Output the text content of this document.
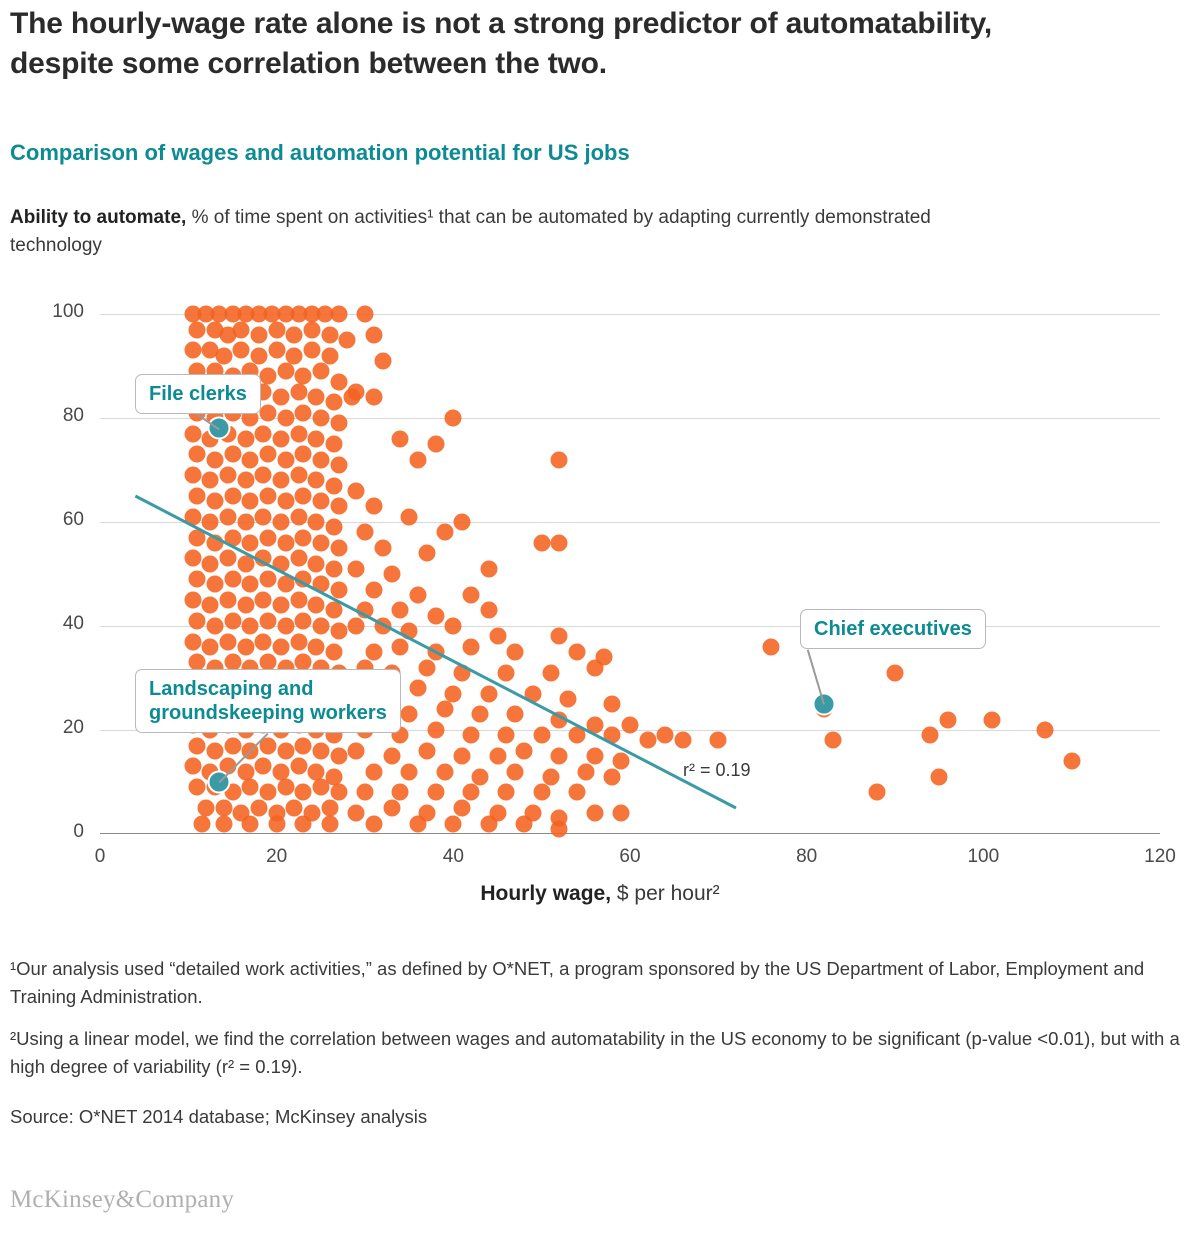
The hourly-wage rate alone is not a strong predictor of automatability, despite some correlation between the two.
Comparison of wages and automation potential for US jobs
Ability to automate, % of time spent on activities¹ that can be automated by adapting currently demonstrated technology
0
20
40
60
80
100
0	20	40	60	80	100	120
r² = 0.19
File clerks
Landscaping and
groundskeeping workers
Chief executives
Hourly wage, $ per hour²
¹Our analysis used “detailed work activities,” as defined by O*NET, a program sponsored by the US Department of Labor, Employment and Training Administration.
²Using a linear model, we find the correlation between wages and automatability in the US economy to be significant (p-value <0.01), but with a high degree of variability (r² = 0.19).
Source: O*NET 2014 database; McKinsey analysis
McKinsey&Company
